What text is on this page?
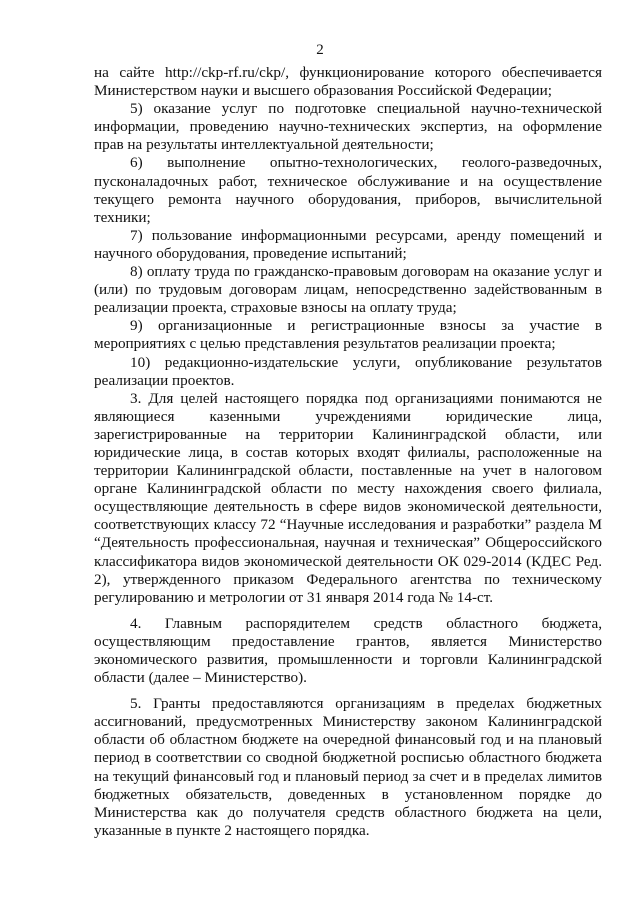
2

на сайте http://ckp-rf.ru/ckp/, функционирование которого обеспечивается Министерством науки и высшего образования Российской Федерации;

5) оказание услуг по подготовке специальной научно-технической информации, проведению научно-технических экспертиз, на оформление прав на результаты интеллектуальной деятельности;

6) выполнение опытно-технологических, геолого-разведочных, пусконаладочных работ, техническое обслуживание и на осуществление текущего ремонта научного оборудования, приборов, вычислительной техники;

7) пользование информационными ресурсами, аренду помещений и научного оборудования, проведение испытаний;

8) оплату труда по гражданско-правовым договорам на оказание услуг и (или) по трудовым договорам лицам, непосредственно задействованным в реализации проекта, страховые взносы на оплату труда;

9) организационные и регистрационные взносы за участие в мероприятиях с целью представления результатов реализации проекта;

10) редакционно-издательские услуги, опубликование результатов реализации проектов.

3. Для целей настоящего порядка под организациями понимаются не являющиеся казенными учреждениями юридические лица, зарегистрированные на территории Калининградской области, или юридические лица, в состав которых входят филиалы, расположенные на территории Калининградской области, поставленные на учет в налоговом органе Калининградской области по месту нахождения своего филиала, осуществляющие деятельность в сфере видов экономической деятельности, соответствующих классу 72 “Научные исследования и разработки” раздела М “Деятельность профессиональная, научная и техническая” Общероссийского классификатора видов экономической деятельности ОК 029-2014 (КДЕС Ред. 2), утвержденного приказом Федерального агентства по техническому регулированию и метрологии от 31 января 2014 года № 14-ст.

4. Главным распорядителем средств областного бюджета, осуществляющим предоставление грантов, является Министерство экономического развития, промышленности и торговли Калининградской области (далее – Министерство).

5. Гранты предоставляются организациям в пределах бюджетных ассигнований, предусмотренных Министерству законом Калининградской области об областном бюджете на очередной финансовый год и на плановый период в соответствии со сводной бюджетной росписью областного бюджета на текущий финансовый год и плановый период за счет и в пределах лимитов бюджетных обязательств, доведенных в установленном порядке до Министерства как до получателя средств областного бюджета на цели, указанные в пункте 2 настоящего порядка.
